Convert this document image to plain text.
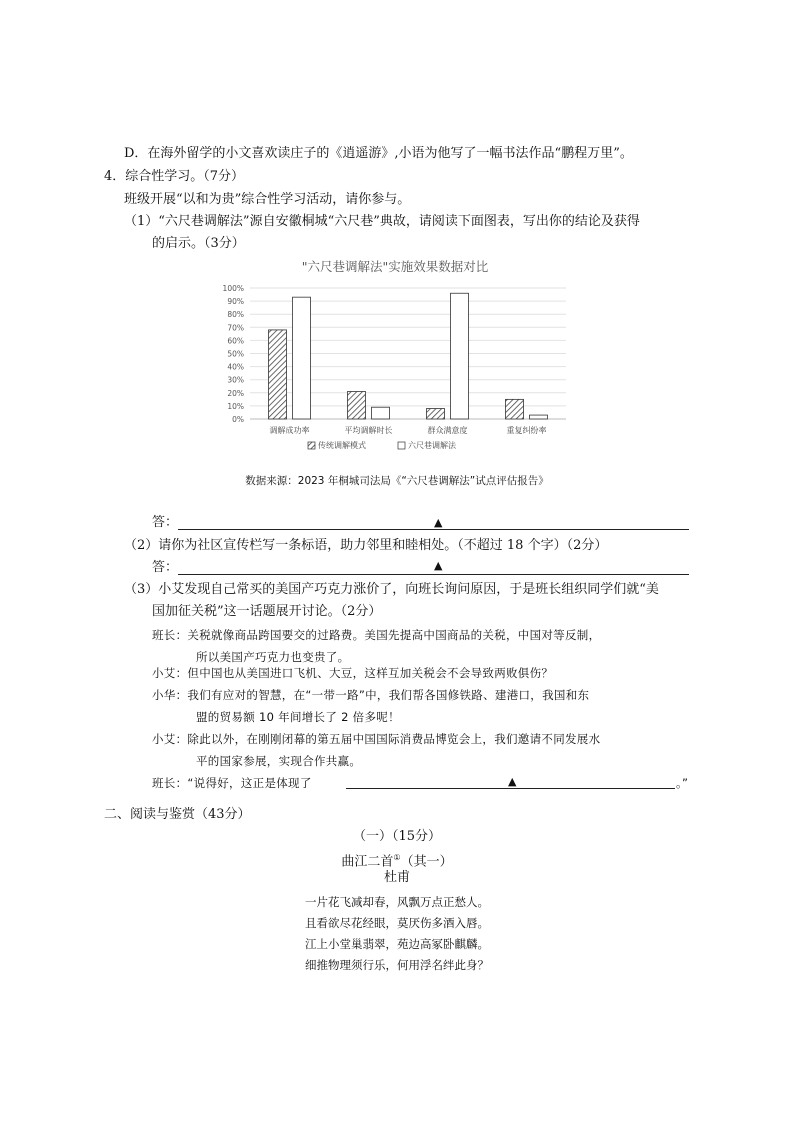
D．在海外留学的小文喜欢读庄子的《逍遥游》,小语为他写了一幅书法作品“鹏程万里”。
4．综合性学习。（7分）
班级开展“以和为贵”综合性学习活动，请你参与。
（1）“六尺巷调解法”源自安徽桐城“六尺巷”典故，请阅读下面图表，写出你的结论及获得
的启示。（3分）
"六尺巷调解法"实施效果数据对比
0%
10%
20%
30%
40%
50%
60%
70%
80%
90%
100%
调解成功率	平均调解时长	群众满意度	重复纠纷率
传统调解模式	六尺巷调解法
数据来源：2023 年桐城司法局《“六尺巷调解法”试点评估报告》
答：	▲
（2）请你为社区宣传栏写一条标语，助力邻里和睦相处。（不超过 18 个字）（2分）
答：	▲
（3）小艾发现自己常买的美国产巧克力涨价了，向班长询问原因，于是班长组织同学们就“美
国加征关税”这一话题展开讨论。（2分）
班长：关税就像商品跨国要交的过路费。美国先提高中国商品的关税，中国对等反制，
所以美国产巧克力也变贵了。
小艾：但中国也从美国进口飞机、大豆，这样互加关税会不会导致两败俱伤？
小华：我们有应对的智慧，在“一带一路”中，我们帮各国修铁路、建港口，我国和东
盟的贸易额 10 年间增长了 2 倍多呢！
小艾：除此以外，在刚刚闭幕的第五届中国国际消费品博览会上，我们邀请不同发展水
平的国家参展，实现合作共赢。
班长：“说得好，这正是体现了	▲	。”
二、阅读与鉴赏（43分）
（一）（15分）
曲江二首①（其一）
杜甫
一片花飞减却春，风飘万点正愁人。
且看欲尽花经眼，莫厌伤多酒入唇。
江上小堂巢翡翠，苑边高冢卧麒麟。
细推物理须行乐，何用浮名绊此身？
